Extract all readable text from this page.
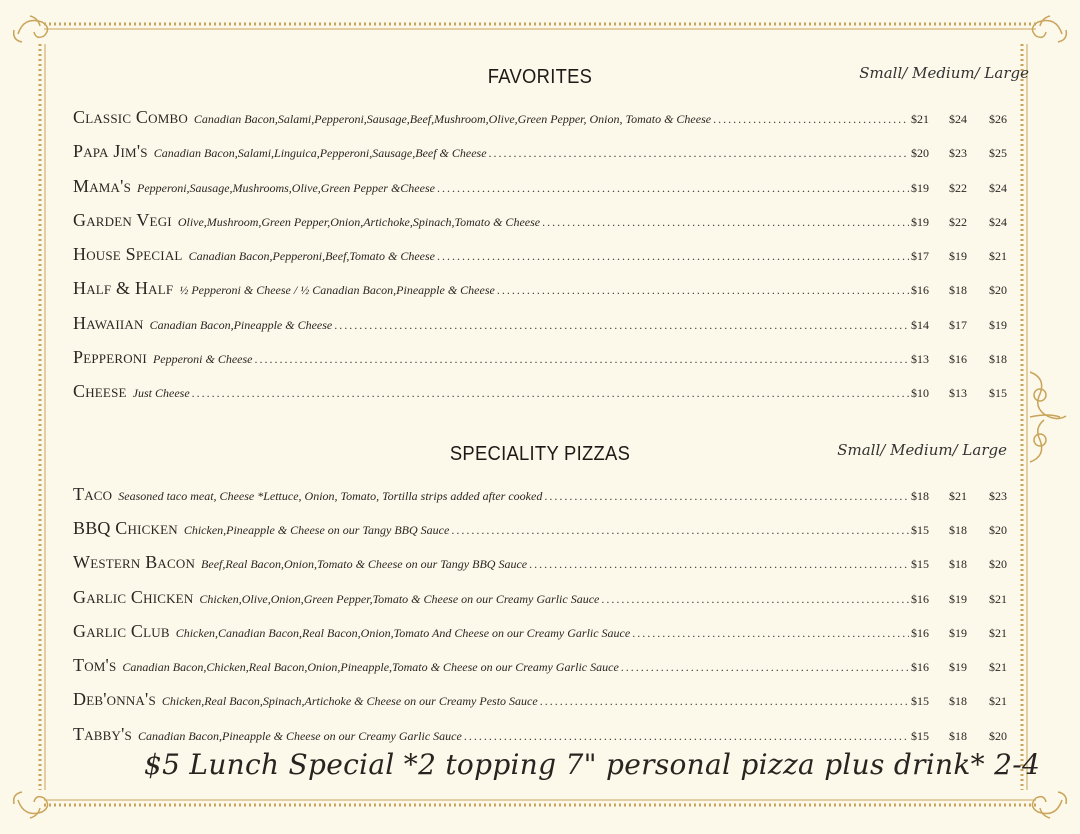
FAVORITES	Small/ Medium/ Large
Classic Combo Canadian Bacon,Salami,Pepperoni,Sausage,Beef,Mushroom,Olive,Green Pepper, Onion, Tomato & Cheese .....	$21	$24	$26
Papa Jim's Canadian Bacon,Salami,Linguica,Pepperoni,Sausage,Beef & Cheese .....	$20	$23	$25
Mama's Pepperoni,Sausage,Mushrooms,Olive,Green Pepper &Cheese .....	$19	$22	$24
Garden Vegi Olive,Mushroom,Green Pepper,Onion,Artichoke,Spinach,Tomato & Cheese .....	$19	$22	$24
House Special Canadian Bacon,Pepperoni,Beef,Tomato & Cheese .....	$17	$19	$21
Half & Half ½ Pepperoni & Cheese / ½ Canadian Bacon,Pineapple & Cheese .....	$16	$18	$20
Hawaiian Canadian Bacon,Pineapple & Cheese .....	$14	$17	$19
Pepperoni Pepperoni & Cheese .....	$13	$16	$18
Cheese Just Cheese .....	$10	$13	$15
SPECIALITY PIZZAS	Small/ Medium/ Large
Taco Seasoned taco meat, Cheese *Lettuce, Onion, Tomato, Tortilla strips added after cooked .....	$18	$21	$23
BBQ Chicken Chicken,Pineapple & Cheese on our Tangy BBQ Sauce .....	$15	$18	$20
Western Bacon Beef,Real Bacon,Onion,Tomato & Cheese on our Tangy BBQ Sauce .....	$15	$18	$20
Garlic Chicken Chicken,Olive,Onion,Green Pepper,Tomato & Cheese on our Creamy Garlic Sauce .....	$16	$19	$21
Garlic Club Chicken,Canadian Bacon,Real Bacon,Onion,Tomato And Cheese on our Creamy Garlic Sauce .....	$16	$19	$21
Tom's Canadian Bacon,Chicken,Real Bacon,Onion,Pineapple,Tomato & Cheese on our Creamy Garlic Sauce .....	$16	$19	$21
Deb'onna's Chicken,Real Bacon,Spinach,Artichoke & Cheese on our Creamy Pesto Sauce .....	$15	$18	$21
Tabby's Canadian Bacon,Pineapple & Cheese on our Creamy Garlic Sauce .....	$15	$18	$20
$5 Lunch Special *2 topping 7" personal pizza plus drink* 2-4
